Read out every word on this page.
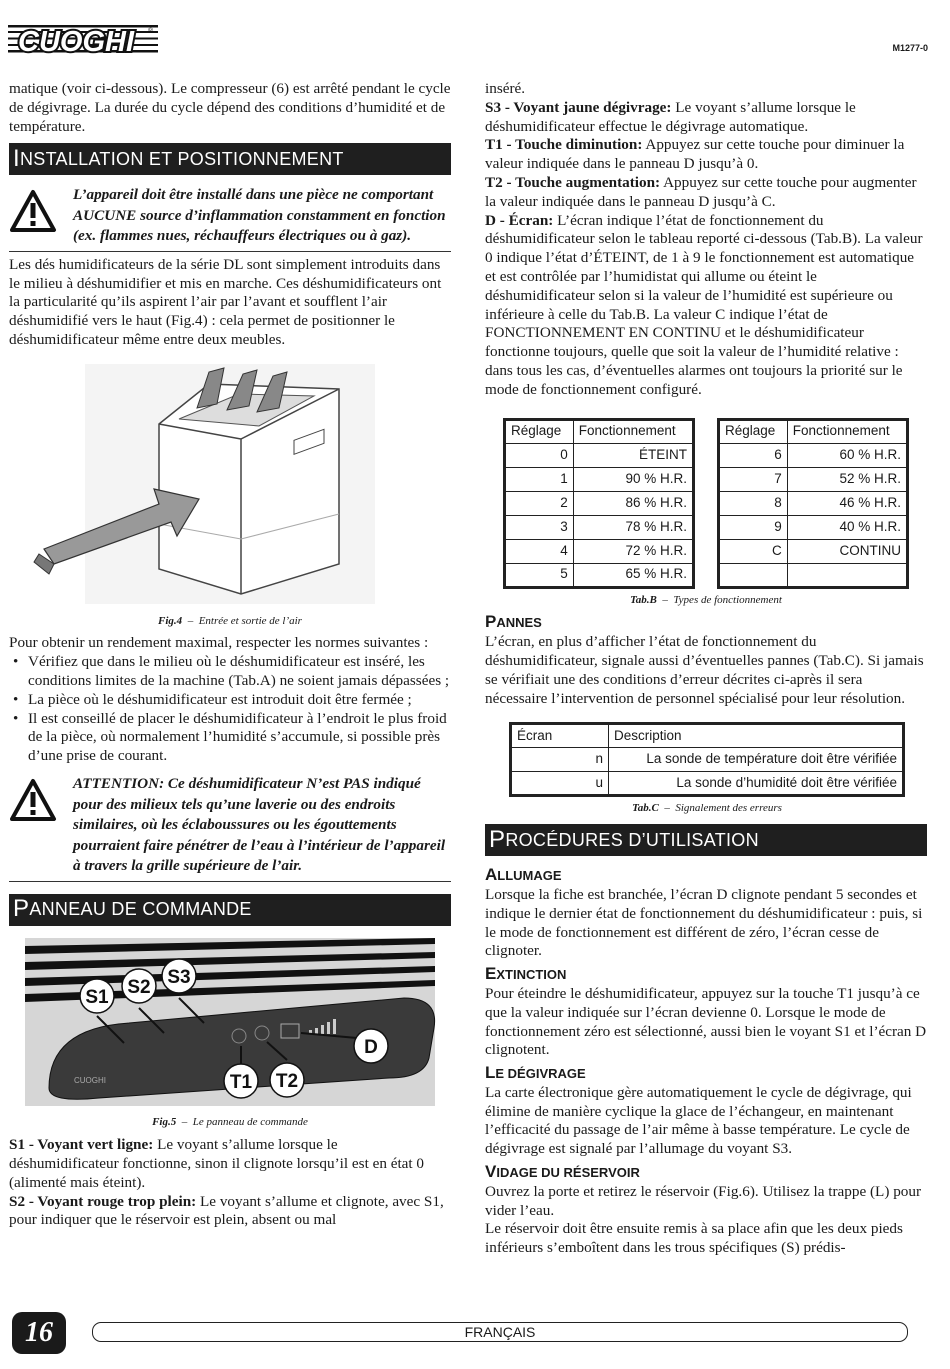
CUOGHI ®
M1277-0

matique (voir ci-dessous). Le compresseur (6) est arrêté pendant le cycle de dégivrage. La durée du cycle dépend des conditions d’humidité et de température.

I NSTALLATION ET POSITIONNEMENT

L’appareil doit être installé dans une pièce ne comportant AUCUNE source d’inflammation constamment en fonction (ex. flammes nues, réchauffeurs électriques ou à gaz).

Les dés humidificateurs de la série DL sont simplement introduits dans le milieu à déshumidifier et mis en marche. Ces déshumidificateurs ont la particularité qu’ils aspirent l’air par l’avant et soufflent l’air déshumidifié vers le haut (Fig.4) : cela permet de positionner le déshumidificateur même entre deux meubles.

Fig.4  –  Entrée et sortie de l’air

Pour obtenir un rendement maximal, respecter les normes suivantes :

• Vérifiez que dans le milieu où le déshumidificateur est inséré, les conditions limites de la machine (Tab.A) ne soient jamais dépassées ;
• La pièce où le déshumidificateur est introduit doit être fermée ;
• Il est conseillé de placer le déshumidificateur à l’endroit le plus froid de la pièce, où normalement l’humidité s’accumule, si possible près d’une prise de courant.

ATTENTION: Ce déshumidificateur N’est PAS indiqué pour des milieux tels qu’une laverie ou des endroits similaires, où les éclaboussures ou les égouttements pourraient faire pénétrer de l’eau à l’intérieur de l’appareil à travers la grille supérieure de l’air.

P ANNEAU DE COMMANDE
CUOGHI
S1 S2 S3
T1 T2
D
Fig.5  –  Le panneau de commande

S1 - Voyant vert ligne: Le voyant s’allume lorsque le déshumidificateur fonctionne, sinon il clignote lorsqu’il est en état 0 (alimenté mais éteint).

S2 - Voyant rouge trop plein: Le voyant s’allume et clignote, avec S1, pour indiquer que le réservoir est plein, absent ou mal

inséré.

S3 - Voyant jaune dégivrage: Le voyant s’allume lorsque le déshumidificateur effectue le dégivrage automatique.

T1 - Touche diminution: Appuyez sur cette touche pour diminuer la valeur indiquée dans le panneau D jusqu’à 0.

T2 - Touche augmentation: Appuyez sur cette touche pour augmenter la valeur indiquée dans le panneau D jusqu’à C.

D - Écran: L’écran indique l’état de fonctionnement du déshumidificateur selon le tableau reporté ci-dessous (Tab.B). La valeur 0 indique l’état d’ÉTEINT, de 1 à 9 le fonctionnement est automatique et est contrôlée par l’humidistat qui allume ou éteint le déshumidificateur selon si la valeur de l’humidité est supérieure ou inférieure à celle du Tab.B. La valeur C indique l’état de FONCTIONNEMENT EN CONTINU et le déshumidificateur fonctionne toujours, quelle que soit la valeur de l’humidité relative : dans tous les cas, d’éventuelles alarmes ont toujours la priorité sur le mode de fonctionnement configuré.

Réglage	Fonctionnement
0	ÉTEINT
1	90 % H.R.
2	86 % H.R.
3	78 % H.R.
4	72 % H.R.
5	65 % H.R.
Réglage	Fonctionnement
6	60 % H.R.
7	52 % H.R.
8	46 % H.R.
9	40 % H.R.
C	CONTINU

Tab.B  –  Types de fonctionnement
PANNES

L’écran, en plus d’afficher l’état de fonctionnement du déshumidificateur, signale aussi d’éventuelles pannes (Tab.C). Si jamais se vérifiait une des conditions d’erreur décrites ci-après il sera nécessaire l’intervention de personnel spécialisé pour leur résolution.

Écran	Description
n	La sonde de température doit être vérifiée
u	La sonde d’humidité doit être vérifiée
Tab.C  –  Signalement des erreurs
P ROCÉDURES D’UTILISATION
ALLUMAGE

Lorsque la fiche est branchée, l’écran D clignote pendant 5 secondes et indique le dernier état de fonctionnement du déshumidificateur : puis, si le mode de fonctionnement est différent de zéro, l’écran cesse de clignoter.

EXTINCTION

Pour éteindre le déshumidificateur, appuyez sur la touche T1 jusqu’à ce que la valeur indiquée sur l’écran devienne 0. Lorsque le mode de fonctionnement zéro est sélectionné, aussi bien le voyant S1 et l’écran D clignotent.

LE DÉGIVRAGE

La carte électronique gère automatiquement le cycle de dégivrage, qui élimine de manière cyclique la glace de l’échangeur, en maintenant l’efficacité du passage de l’air même à basse température. Le cycle de dégivrage est signalé par l’allumage du voyant S3.

VIDAGE DU RÉSERVOIR

Ouvrez la porte et retirez le réservoir (Fig.6). Utilisez la trappe (L) pour vider l’eau.

Le réservoir doit être ensuite remis à sa place afin que les deux pieds inférieurs s’emboîtent dans les trous spécifiques (S) prédis-

16	FRANÇAIS
